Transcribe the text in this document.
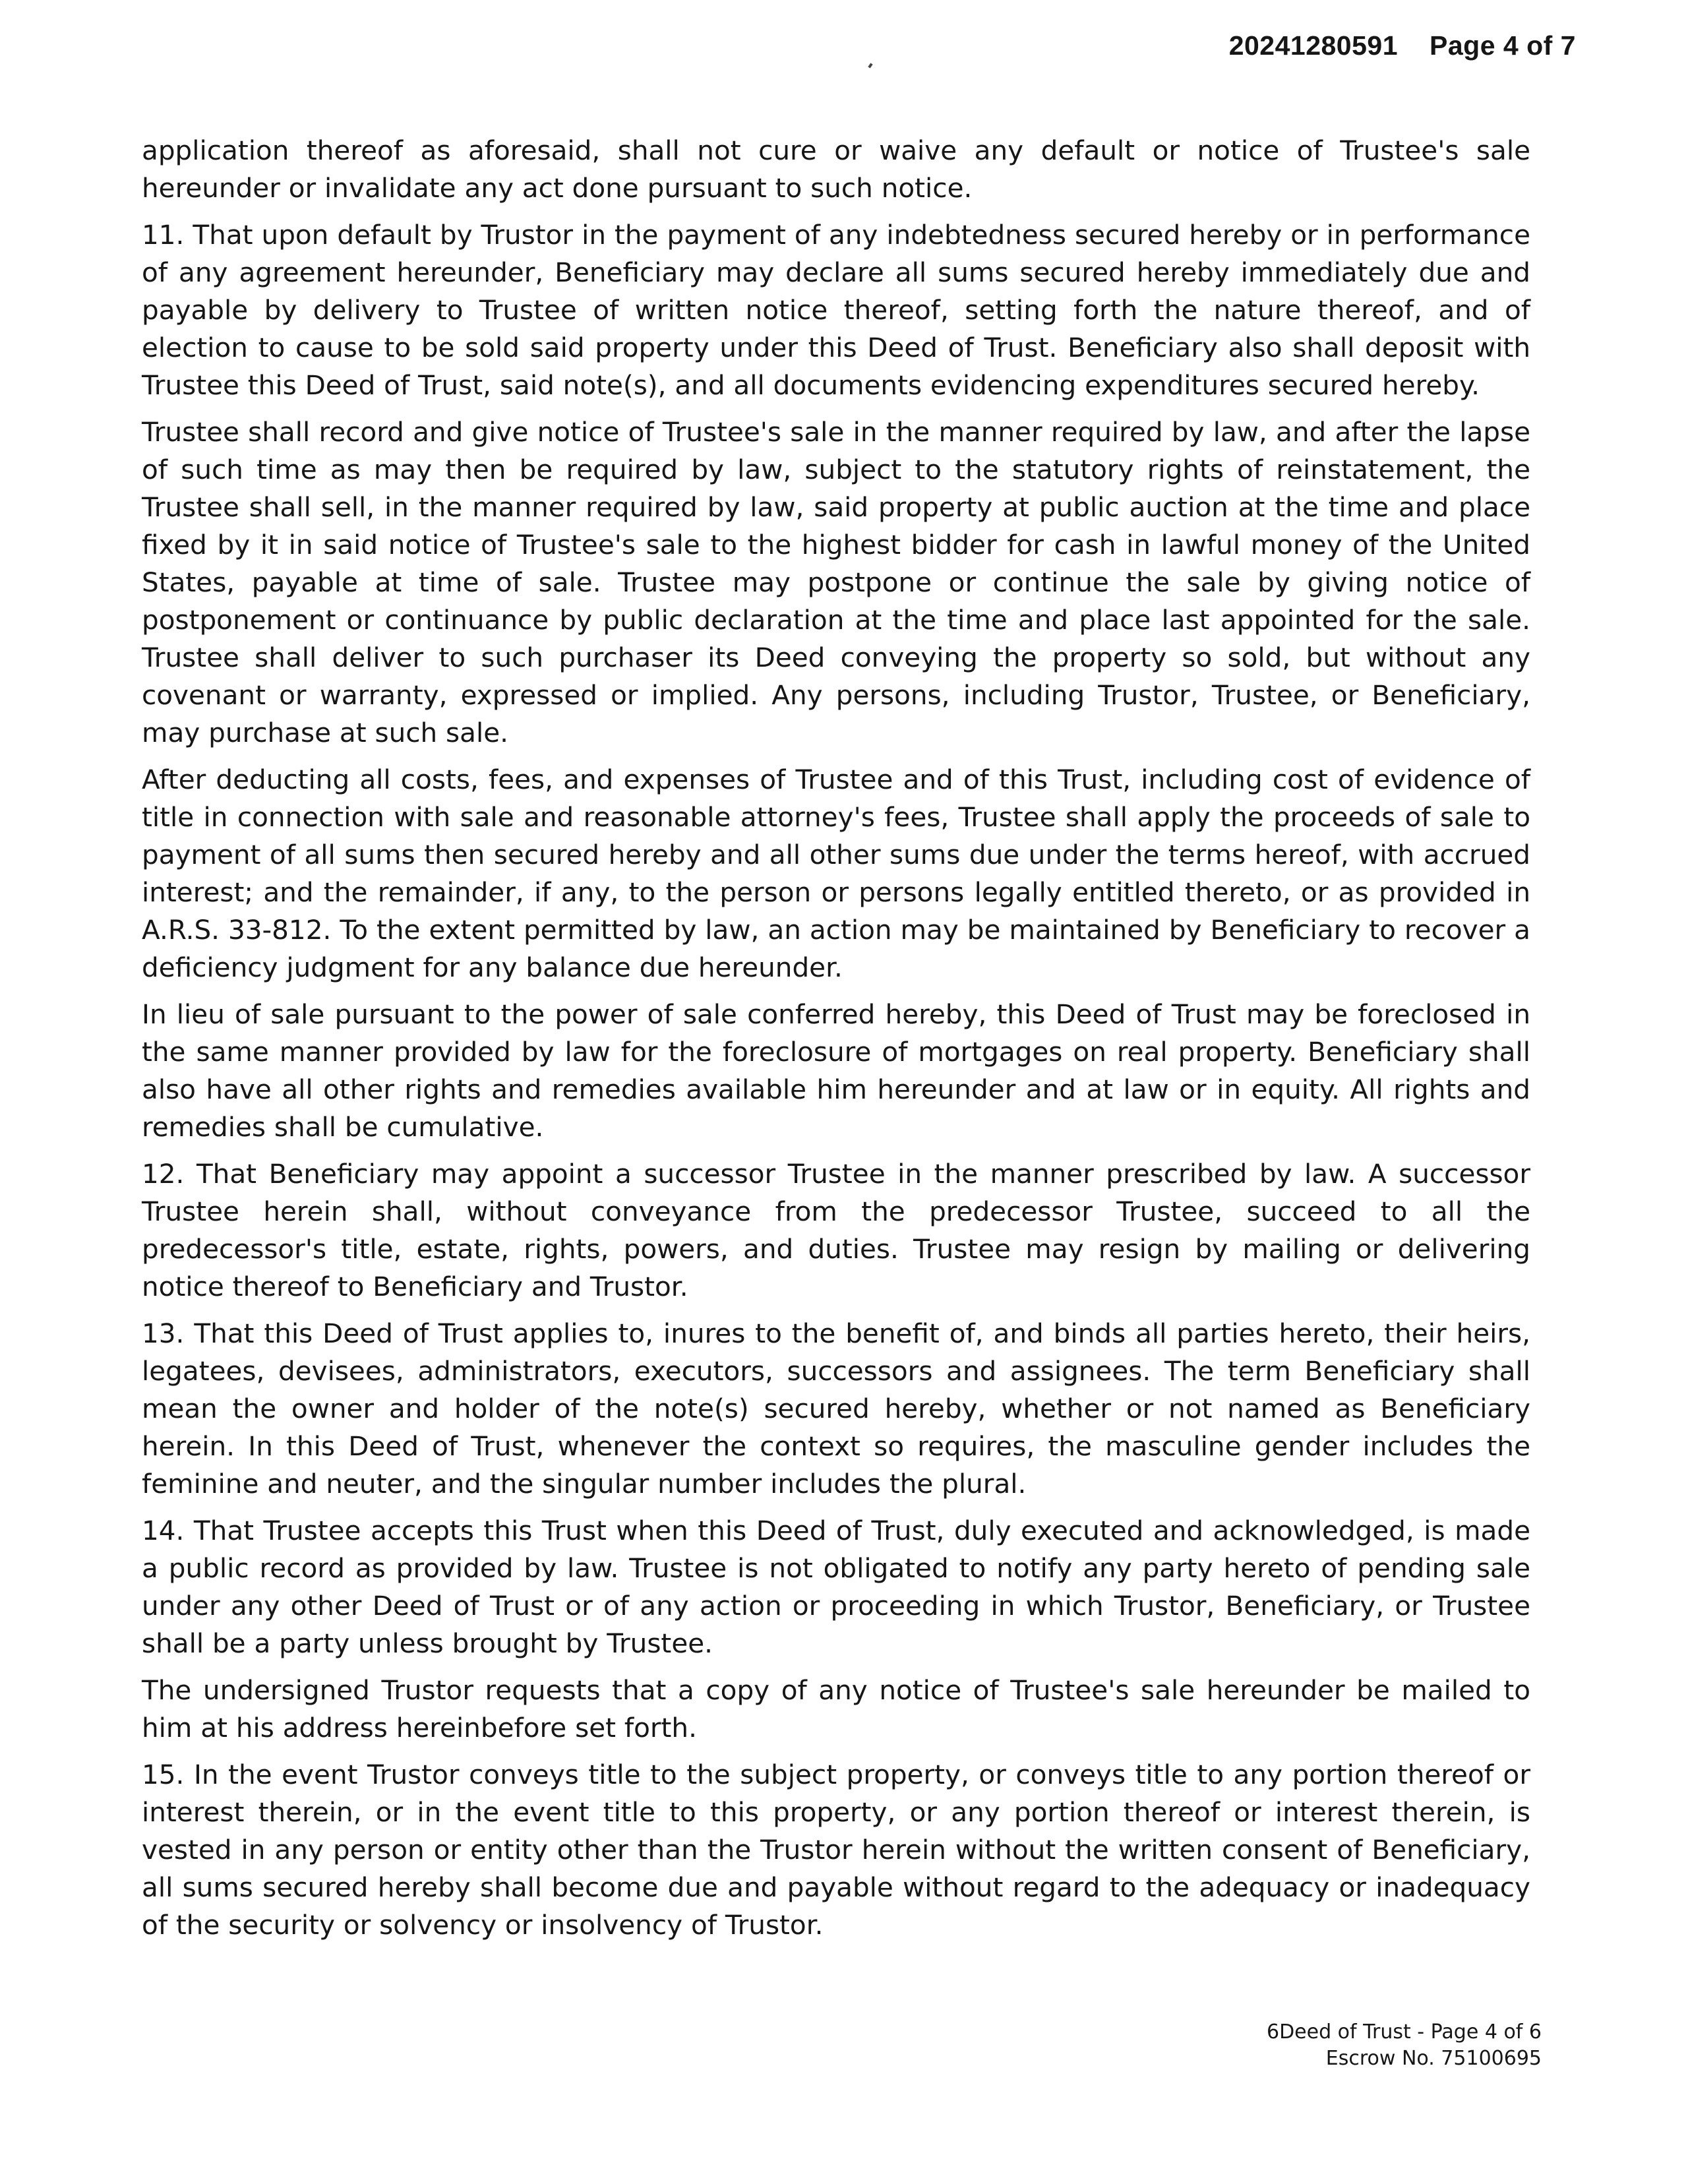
20241280591 Page 4 of 7

application thereof as aforesaid, shall not cure or waive any default or notice of Trustee's sale hereunder or invalidate any act done pursuant to such notice.

11. That upon default by Trustor in the payment of any indebtedness secured hereby or in performance of any agreement hereunder, Beneficiary may declare all sums secured hereby immediately due and payable by delivery to Trustee of written notice thereof, setting forth the nature thereof, and of election to cause to be sold said property under this Deed of Trust. Beneficiary also shall deposit with Trustee this Deed of Trust, said note(s), and all documents evidencing expenditures secured hereby.

Trustee shall record and give notice of Trustee's sale in the manner required by law, and after the lapse of such time as may then be required by law, subject to the statutory rights of reinstatement, the Trustee shall sell, in the manner required by law, said property at public auction at the time and place fixed by it in said notice of Trustee's sale to the highest bidder for cash in lawful money of the United States, payable at time of sale. Trustee may postpone or continue the sale by giving notice of postponement or continuance by public declaration at the time and place last appointed for the sale. Trustee shall deliver to such purchaser its Deed conveying the property so sold, but without any covenant or warranty, expressed or implied. Any persons, including Trustor, Trustee, or Beneficiary, may purchase at such sale.

After deducting all costs, fees, and expenses of Trustee and of this Trust, including cost of evidence of title in connection with sale and reasonable attorney's fees, Trustee shall apply the proceeds of sale to payment of all sums then secured hereby and all other sums due under the terms hereof, with accrued interest; and the remainder, if any, to the person or persons legally entitled thereto, or as provided in A.R.S. 33-812. To the extent permitted by law, an action may be maintained by Beneficiary to recover a deficiency judgment for any balance due hereunder.

In lieu of sale pursuant to the power of sale conferred hereby, this Deed of Trust may be foreclosed in the same manner provided by law for the foreclosure of mortgages on real property. Beneficiary shall also have all other rights and remedies available him hereunder and at law or in equity. All rights and remedies shall be cumulative.

12. That Beneficiary may appoint a successor Trustee in the manner prescribed by law. A successor Trustee herein shall, without conveyance from the predecessor Trustee, succeed to all the predecessor's title, estate, rights, powers, and duties. Trustee may resign by mailing or delivering notice thereof to Beneficiary and Trustor.

13. That this Deed of Trust applies to, inures to the benefit of, and binds all parties hereto, their heirs, legatees, devisees, administrators, executors, successors and assignees. The term Beneficiary shall mean the owner and holder of the note(s) secured hereby, whether or not named as Beneficiary herein. In this Deed of Trust, whenever the context so requires, the masculine gender includes the feminine and neuter, and the singular number includes the plural.

14. That Trustee accepts this Trust when this Deed of Trust, duly executed and acknowledged, is made a public record as provided by law. Trustee is not obligated to notify any party hereto of pending sale under any other Deed of Trust or of any action or proceeding in which Trustor, Beneficiary, or Trustee shall be a party unless brought by Trustee.

The undersigned Trustor requests that a copy of any notice of Trustee's sale hereunder be mailed to him at his address hereinbefore set forth.

15. In the event Trustor conveys title to the subject property, or conveys title to any portion thereof or interest therein, or in the event title to this property, or any portion thereof or interest therein, is vested in any person or entity other than the Trustor herein without the written consent of Beneficiary, all sums secured hereby shall become due and payable without regard to the adequacy or inadequacy of the security or solvency or insolvency of Trustor.

6Deed of Trust - Page 4 of 6
Escrow No. 75100695
